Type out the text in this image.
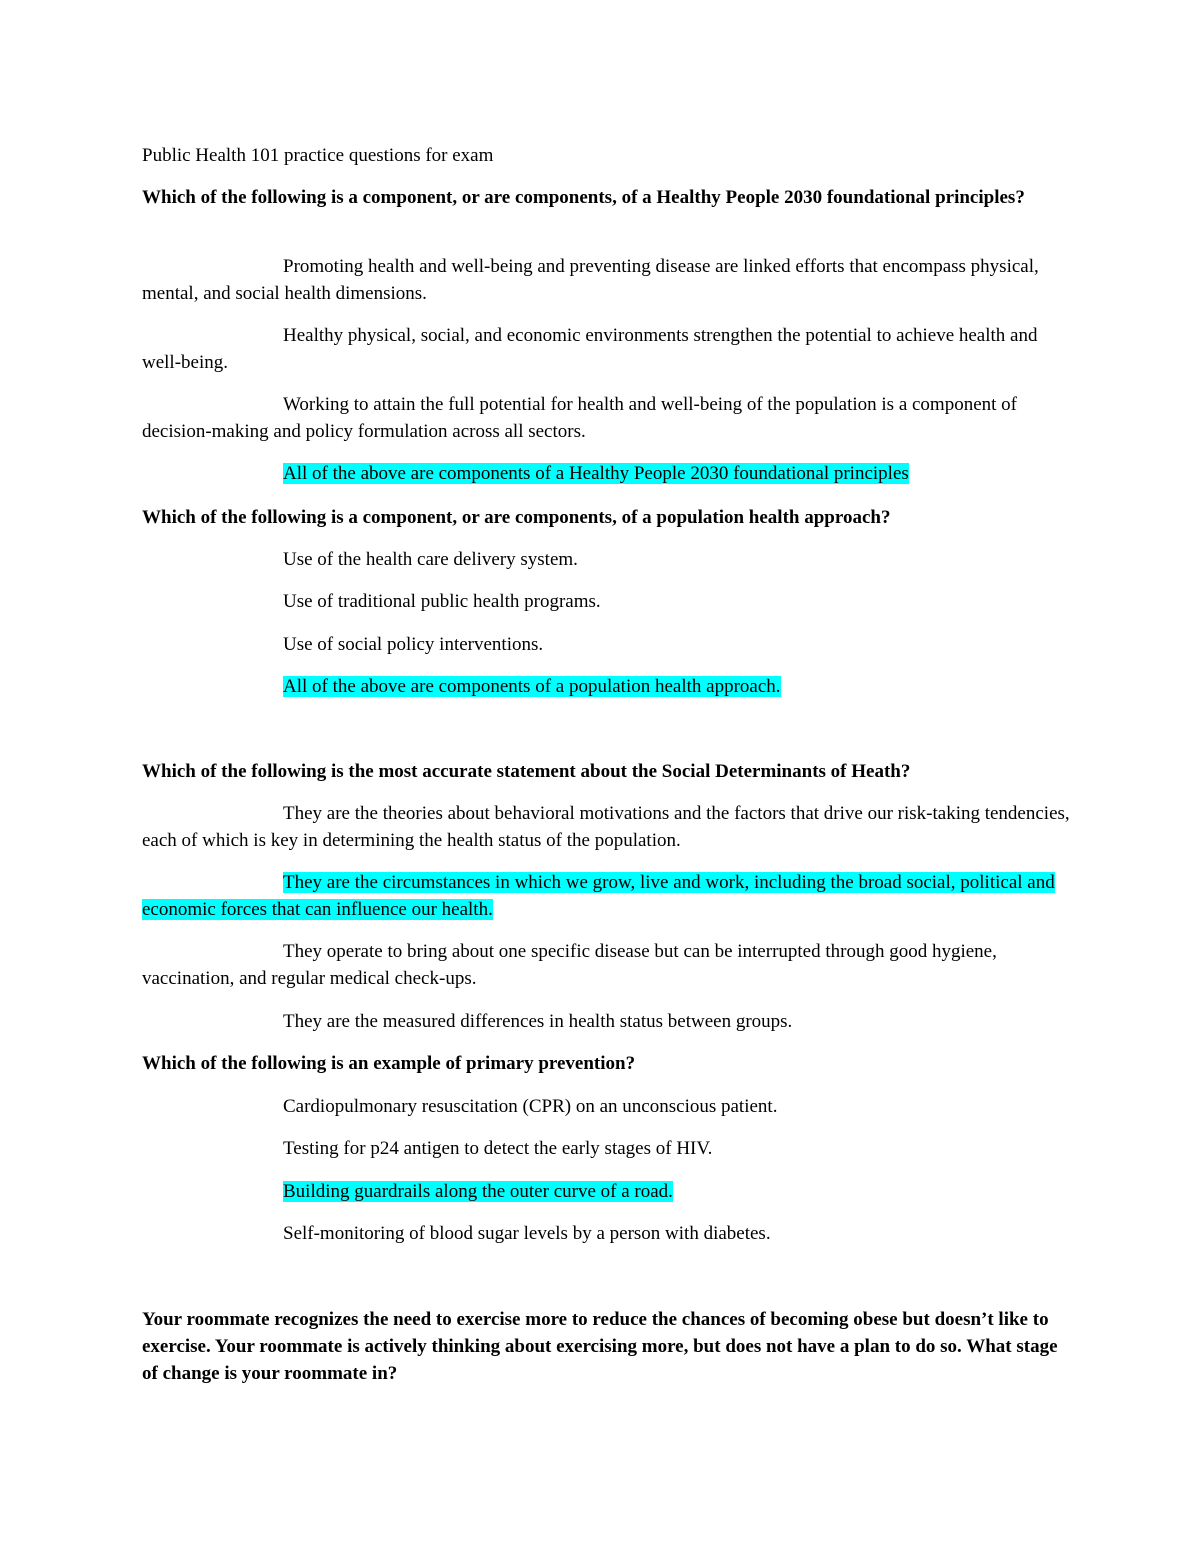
Public Health 101 practice questions for exam

Which of the following is a component, or are components, of a Healthy People 2030 foundational principles?

Promoting health and well-being and preventing disease are linked efforts that encompass physical, mental, and social health dimensions.

Healthy physical, social, and economic environments strengthen the potential to achieve health and well-being.

Working to attain the full potential for health and well-being of the population is a component of decision-making and policy formulation across all sectors.

All of the above are components of a Healthy People 2030 foundational principles

Which of the following is a component, or are components, of a population health approach?

Use of the health care delivery system.

Use of traditional public health programs.

Use of social policy interventions.

All of the above are components of a population health approach.

Which of the following is the most accurate statement about the Social Determinants of Heath?

They are the theories about behavioral motivations and the factors that drive our risk-taking tendencies, each of which is key in determining the health status of the population.

They are the circumstances in which we grow, live and work, including the broad social, political and economic forces that can influence our health.

They operate to bring about one specific disease but can be interrupted through good hygiene, vaccination, and regular medical check-ups.

They are the measured differences in health status between groups.

Which of the following is an example of primary prevention?

Cardiopulmonary resuscitation (CPR) on an unconscious patient.

Testing for p24 antigen to detect the early stages of HIV.

Building guardrails along the outer curve of a road.

Self-monitoring of blood sugar levels by a person with diabetes.

Your roommate recognizes the need to exercise more to reduce the chances of becoming obese but doesn’t like to exercise. Your roommate is actively thinking about exercising more, but does not have a plan to do so. What stage of change is your roommate in?
